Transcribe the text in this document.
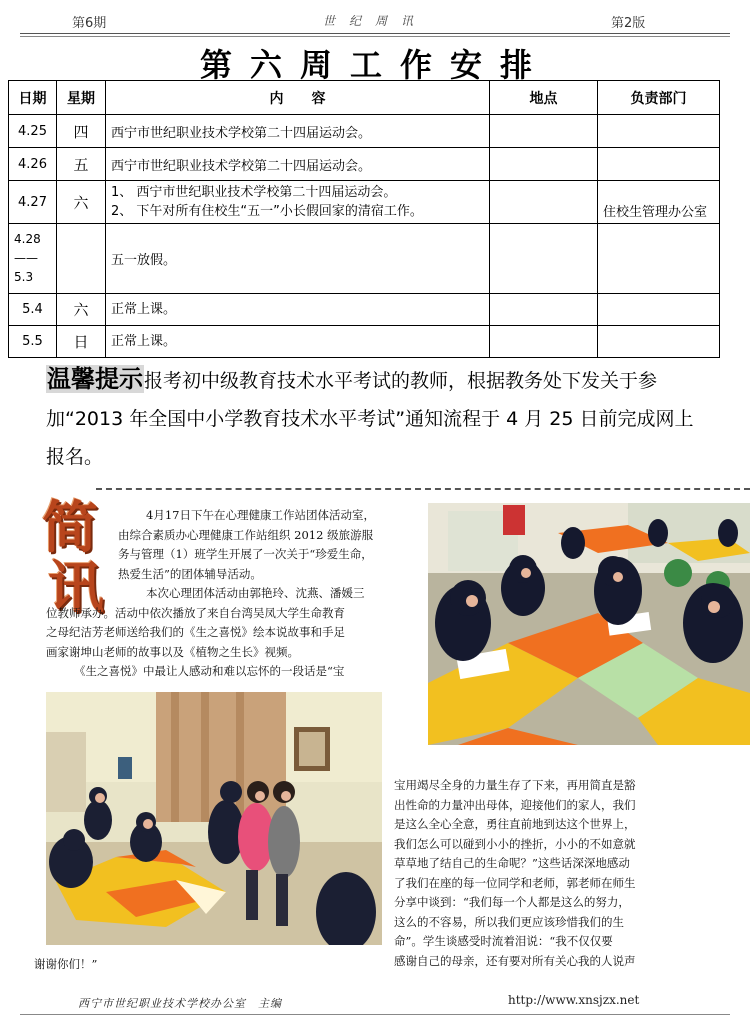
第6期	世纪周讯	第2版
第六周工作安排
日期	星期	内　　容	地点	负责部门
4.25	四	西宁市世纪职业技术学校第二十四届运动会。		
4.26	五	西宁市世纪职业技术学校第二十四届运动会。		
4.27	六	1、 西宁市世纪职业技术学校第二十四届运动会。
2、 下午对所有住校生“五一”小长假回家的清宿工作。		住校生管理办公室

4.28
——
5.3		五一放假。		
5.4	六	正常上课。		
5.5	日	正常上课。		
温馨提示报考初中级教育技术水平考试的教师，根据教务处下发关于参加“2013 年全国中小学教育技术水平考试”通知流程于 4 月 25 日前完成网上报名。
简
讯
4月17日下午在心理健康工作站团体活动室，
由综合素质办心理健康工作站组织 2012 级旅游服
务与管理（1）班学生开展了一次关于“珍爱生命，
热爱生活”的团体辅导活动。
本次心理团体活动由郭艳玲、沈燕、潘媛三
位教师承办。活动中依次播放了来自台湾吴凤大学生命教育
之母纪洁芳老师送给我们的《生之喜悦》绘本说故事和手足
画家谢坤山老师的故事以及《植物之生长》视频。
《生之喜悦》中最让人感动和难以忘怀的一段话是“宝
宝用竭尽全身的力量生存了下来，再用简直是豁
出性命的力量冲出母体，迎接他们的家人，我们
是这么全心全意，勇往直前地到达这个世界上，
我们怎么可以碰到小小的挫折，小小的不如意就
草草地了结自己的生命呢？”这些话深深地感动
了我们在座的每一位同学和老师，郭老师在师生
分享中谈到：“我们每一个人都是这么的努力，
这么的不容易，所以我们更应该珍惜我们的生
命”。学生谈感受时流着泪说：“我不仅仅要
感谢自己的母亲，还有要对所有关心我的人说声
谢谢你们！”
西宁市世纪职业技术学校办公室　主编	http://www.xnsjzx.net
